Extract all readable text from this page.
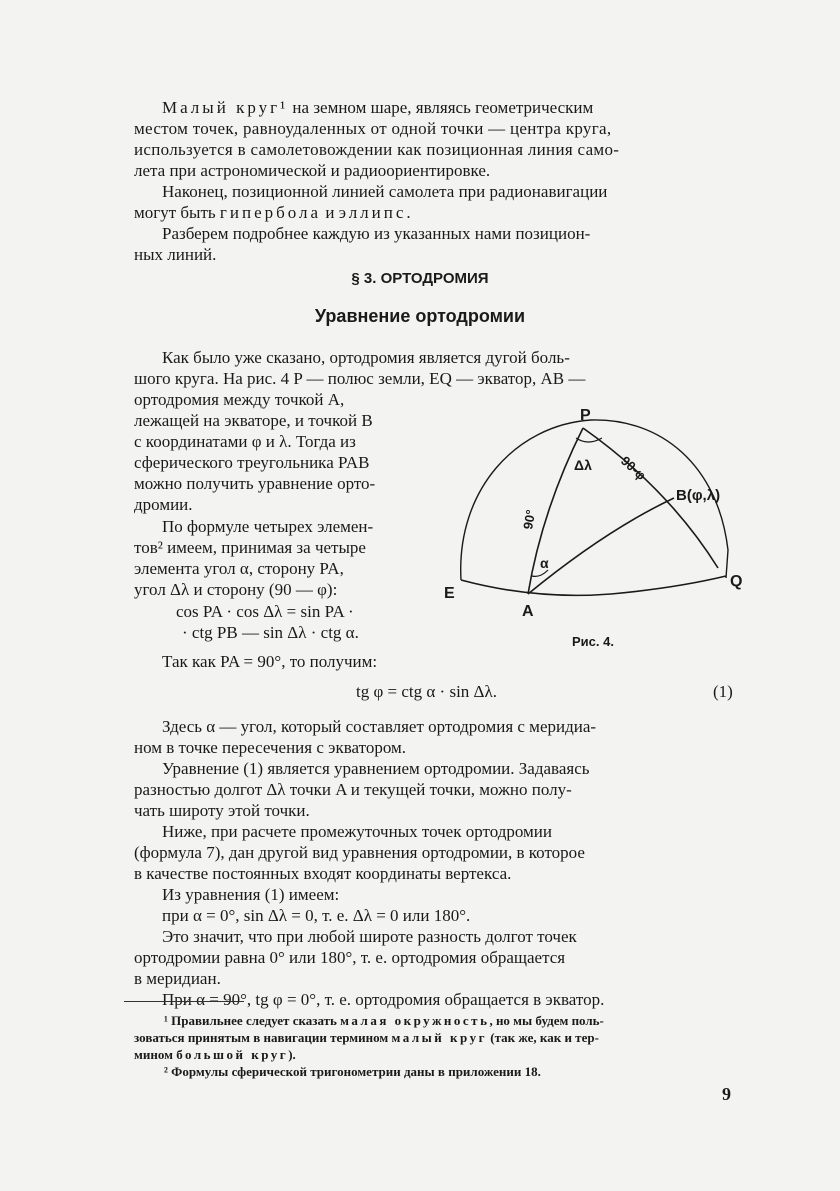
Малый круг¹ на земном шаре, являясь геометрическим
местом точек, равноудаленных от одной точки — центра круга,
используется в самолетовождении как позиционная линия само-
лета при астрономической и радиоориентировке.
Наконец, позиционной линией самолета при радионавигации
могут быть гипербола и эллипс.
Разберем подробнее каждую из указанных нами позицион-
ных линий.
§ 3. ОРТОДРОМИЯ
Уравнение ортодромии
Как было уже сказано, ортодромия является дугой боль-
шого круга. На рис. 4 P — полюс земли, EQ — экватор, AB —
ортодромия между точкой A,
лежащей на экваторе, и точкой B
с координатами φ и λ. Тогда из
сферического треугольника PAB
можно получить уравнение орто-
дромии.
По формуле четырех элемен-
тов² имеем, принимая за четыре
элемента угол α, сторону PA,
угол Δλ и сторону (90 — φ):
cos PA · cos Δλ = sin PA ·
· ctg PB — sin Δλ · ctg α.
Так как PA = 90°, то получим:
tg φ = ctg α · sin Δλ.	(1)
Здесь α — угол, который составляет ортодромия с меридиа-
ном в точке пересечения с экватором.
Уравнение (1) является уравнением ортодромии. Задаваясь
разностью долгот Δλ точки A и текущей точки, можно полу-
чать широту этой точки.
Ниже, при расчете промежуточных точек ортодромии
(формула 7), дан другой вид уравнения ортодромии, в которое
в качестве постоянных входят координаты вертекса.
Из уравнения (1) имеем:
при α = 0°, sin Δλ = 0, т. е. Δλ = 0 или 180°.
Это значит, что при любой широте разность долгот точек
ортодромии равна 0° или 180°, т. е. ортодромия обращается
в меридиан.
При α = 90°, tg φ = 0°, т. е. ортодромия обращается в экватор.
P
Δλ 90-φ
90°
B(φ,λ)
α
E
A
Q
Рис. 4.
¹ Правильнее следует сказать малая окружность, но мы будем поль-
зоваться принятым в навигации термином малый круг (так же, как и тер-
мином большой круг).
² Формулы сферической тригонометрии даны в приложении 18.
9
